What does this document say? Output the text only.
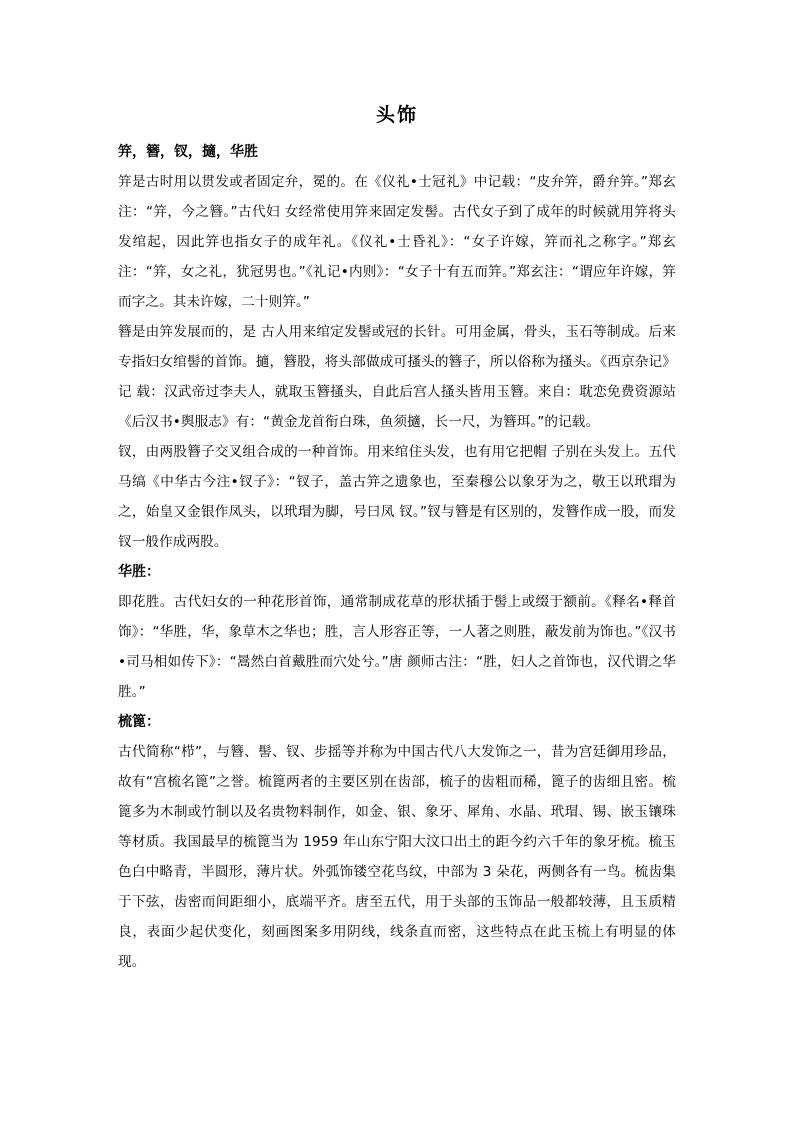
头饰

笄，簪，钗，擿，华胜

笄是古时用以贯发或者固定弁，冕的。在《仪礼•士冠礼》中记载：“皮弁笄，爵弁笄。”郑玄注：“笄，今之簪。”古代妇 女经常使用笄来固定发髻。古代女子到了成年的时候就用笄将头发绾起，因此笄也指女子的成年礼。《仪礼•士昏礼》：“女子许嫁，笄而礼之称字。”郑玄注：“笄，女之礼，犹冠男也。”《礼记•内则》：“女子十有五而笄。”郑玄注：“谓应年许嫁，笄而字之。其未许嫁，二十则笄。”

簪是由笄发展而的，是 古人用来绾定发髻或冠的长针。可用金属，骨头，玉石等制成。后来专指妇女绾髻的首饰。擿，簪股，将头部做成可搔头的簪子，所以俗称为搔头。《西京杂记》记 载：汉武帝过李夫人，就取玉簪搔头，自此后宫人搔头皆用玉簪。来自：耽恋免费资源站 《后汉书•舆服志》有：“黄金龙首衔白珠，鱼须擿，长一尺，为簪珥。”的记载。

钗，由两股簪子交叉组合成的一种首饰。用来绾住头发，也有用它把帽 子别在头发上。五代马缟《中华古今注•钗子》：“钗子，盖古笄之遗象也，至秦穆公以象牙为之，敬王以玳瑁为之，始皇又金银作凤头，以玳瑁为脚，号曰凤 钗。”钗与簪是有区别的，发簪作成一股，而发钗一般作成两股。

华胜：

即花胜。古代妇女的一种花形首饰，通常制成花草的形状插于髻上或缀于额前。《释名•释首饰》：“华胜，华，象草木之华也；胜，言人形容正等，一人著之则胜，蔽发前为饰也。”《汉书•司马相如传下》：“暠然白首戴胜而穴处兮。”唐 颜师古注：“胜，妇人之首饰也，汉代谓之华胜。”

梳篦：

古代简称“栉”，与簪、髻、钗、步摇等并称为中国古代八大发饰之一，昔为宫廷御用珍品，故有“宫梳名篦”之誉。梳篦两者的主要区别在齿部，梳子的齿粗而稀，篦子的齿细且密。梳篦多为木制或竹制以及名贵物料制作，如金、银、象牙、犀角、水晶、玳瑁、锡、嵌玉镶珠等材质。我国最早的梳篦当为 1959 年山东宁阳大汶口出土的距今约六千年的象牙梳。梳玉色白中略青，半圆形，薄片状。外弧饰镂空花鸟纹，中部为 3 朵花，两侧各有一鸟。梳齿集于下弦，齿密而间距细小，底端平齐。唐至五代，用于头部的玉饰品一般都较薄，且玉质精良，表面少起伏变化，刻画图案多用阴线，线条直而密，这些特点在此玉梳上有明显的体现。
